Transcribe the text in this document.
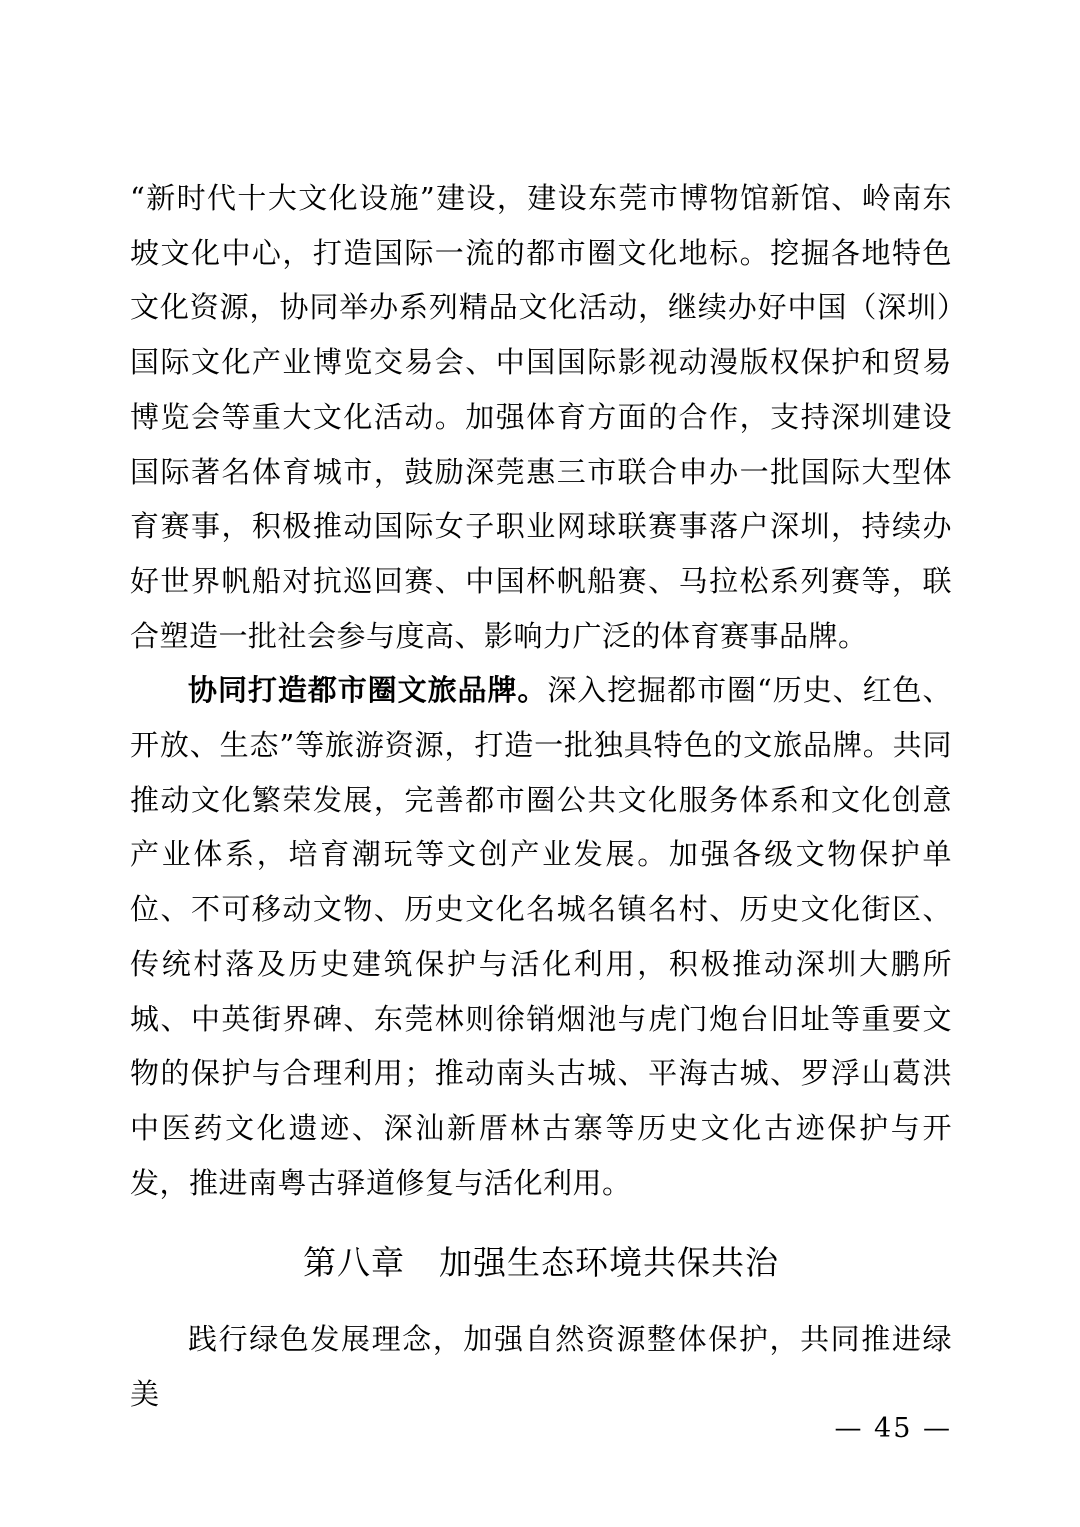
“新时代十大文化设施”建设，建设东莞市博物馆新馆、岭南东坡文化中心，打造国际一流的都市圈文化地标。挖掘各地特色文化资源，协同举办系列精品文化活动，继续办好中国（深圳）国际文化产业博览交易会、中国国际影视动漫版权保护和贸易博览会等重大文化活动。加强体育方面的合作，支持深圳建设国际著名体育城市，鼓励深莞惠三市联合申办一批国际大型体育赛事，积极推动国际女子职业网球联赛事落户深圳，持续办好世界帆船对抗巡回赛、中国杯帆船赛、马拉松系列赛等，联合塑造一批社会参与度高、影响力广泛的体育赛事品牌。

协同打造都市圈文旅品牌。深入挖掘都市圈“历史、红色、开放、生态”等旅游资源，打造一批独具特色的文旅品牌。共同推动文化繁荣发展，完善都市圈公共文化服务体系和文化创意产业体系，培育潮玩等文创产业发展。加强各级文物保护单位、不可移动文物、历史文化名城名镇名村、历史文化街区、传统村落及历史建筑保护与活化利用，积极推动深圳大鹏所城、中英街界碑、东莞林则徐销烟池与虎门炮台旧址等重要文物的保护与合理利用；推动南头古城、平海古城、罗浮山葛洪中医药文化遗迹、深汕新厝林古寨等历史文化古迹保护与开发，推进南粤古驿道修复与活化利用。

第八章 加强生态环境共保共治

践行绿色发展理念，加强自然资源整体保护，共同推进绿美

— 45 —
